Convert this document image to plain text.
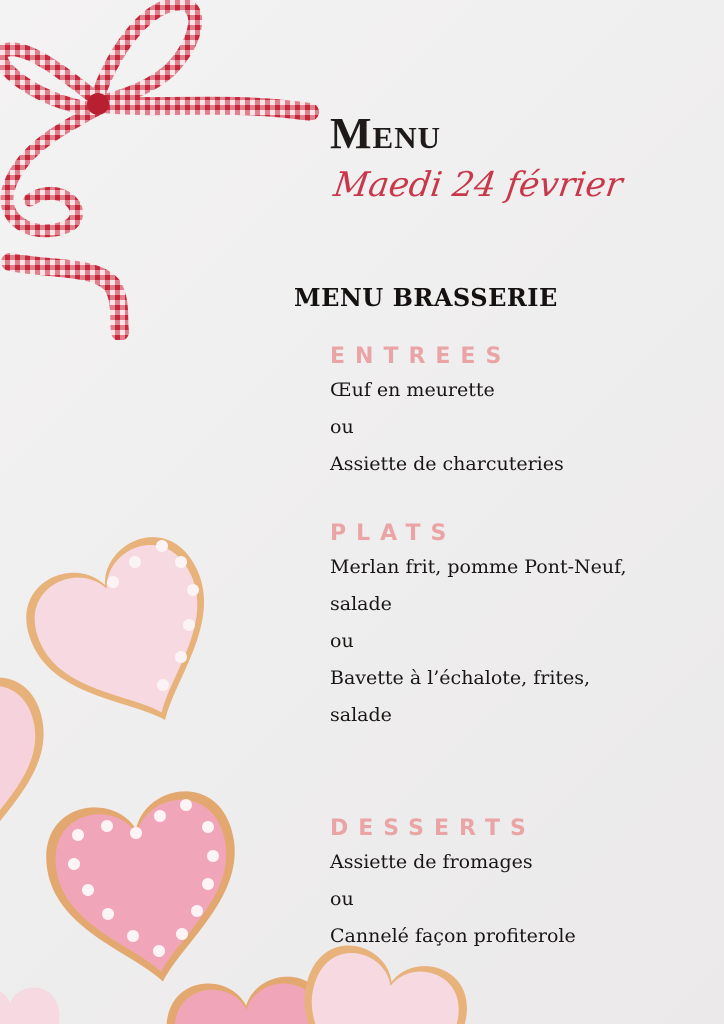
Menu
Maedi 24 février
MENU BRASSERIE
ENTREES
Œuf en meurette
ou
Assiette de charcuteries
PLATS
Merlan frit, pomme Pont-Neuf,
salade
ou
Bavette à l’échalote, frites,
salade
DESSERTS
Assiette de fromages
ou
Cannelé façon profiterole
